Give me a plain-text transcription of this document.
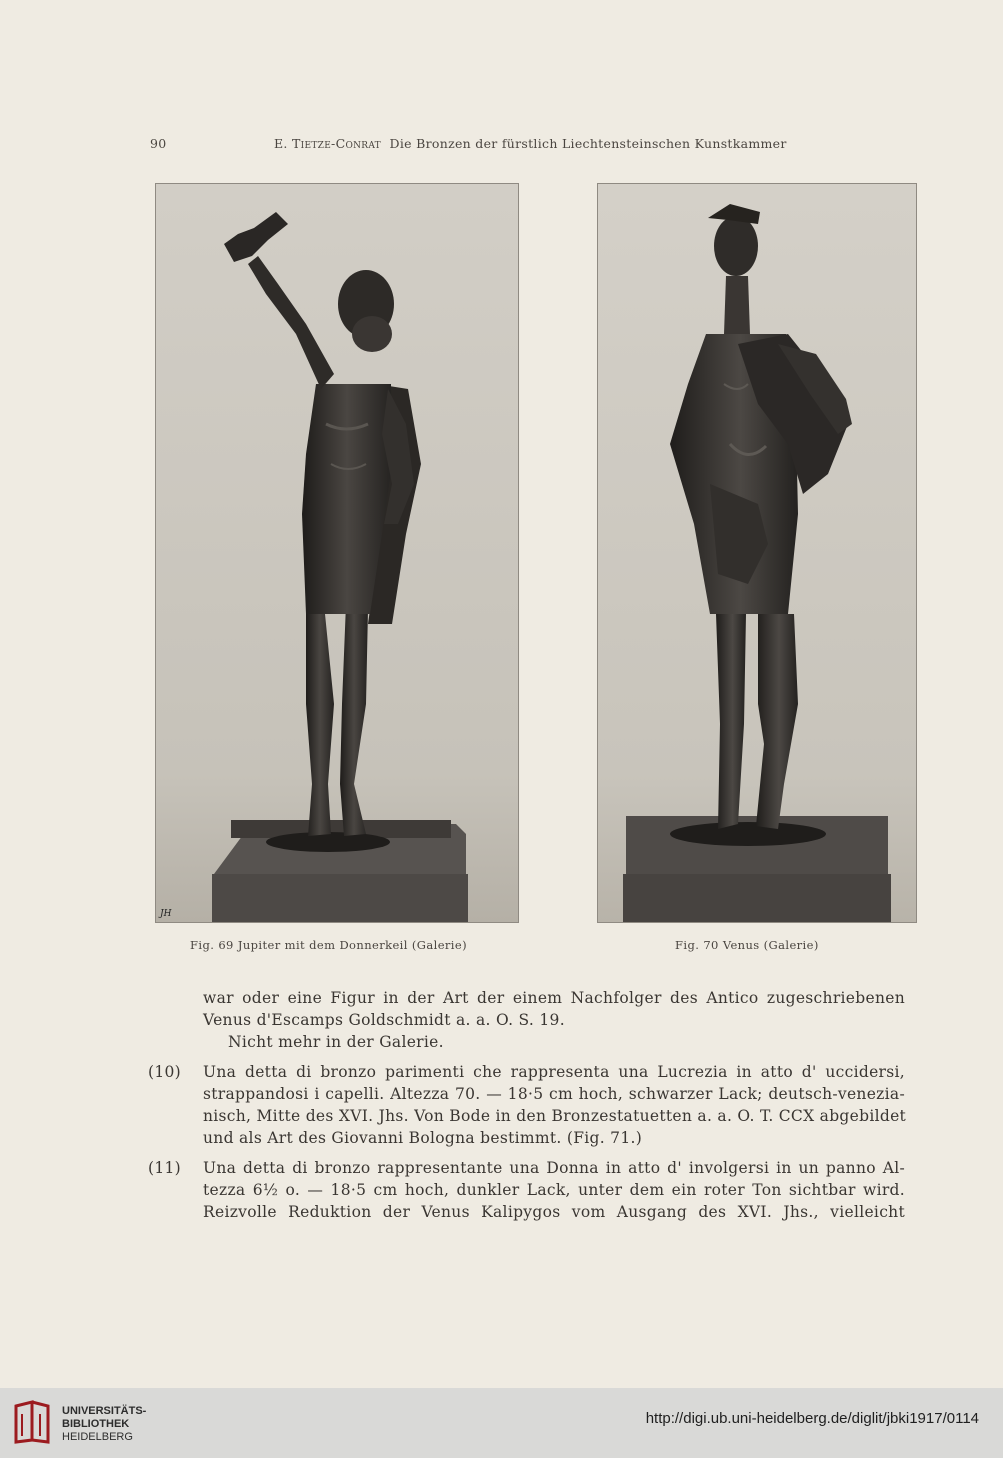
90	E. Tietze-Conrat Die Bronzen der fürstlich Liechtensteinschen Kunstkammer
JH
Fig. 69 Jupiter mit dem Donnerkeil (Galerie)	Fig. 70 Venus (Galerie)
war oder eine Figur in der Art der einem Nachfolger des Antico zugeschriebenen
Venus d'Escamps Goldschmidt a. a. O. S. 19.
Nicht mehr in der Galerie.
(10) Una detta di bronzo parimenti che rappresenta una Lucrezia in atto d' uccidersi,
strappandosi i capelli. Altezza 70. — 18·5 cm hoch, schwarzer Lack; deutsch-venezia-
nisch, Mitte des XVI. Jhs. Von Bode in den Bronzestatuetten a. a. O. T. CCX abgebildet
und als Art des Giovanni Bologna bestimmt. (Fig. 71.)
(11) Una detta di bronzo rappresentante una Donna in atto d' involgersi in un panno Al-
tezza 6½ o. — 18·5 cm hoch, dunkler Lack, unter dem ein roter Ton sichtbar wird.
Reizvolle Reduktion der Venus Kalipygos vom Ausgang des XVI. Jhs., vielleicht
UNIVERSITÄTS-
BIBLIOTHEK
HEIDELBERG
http://digi.ub.uni-heidelberg.de/diglit/jbki1917/0114
